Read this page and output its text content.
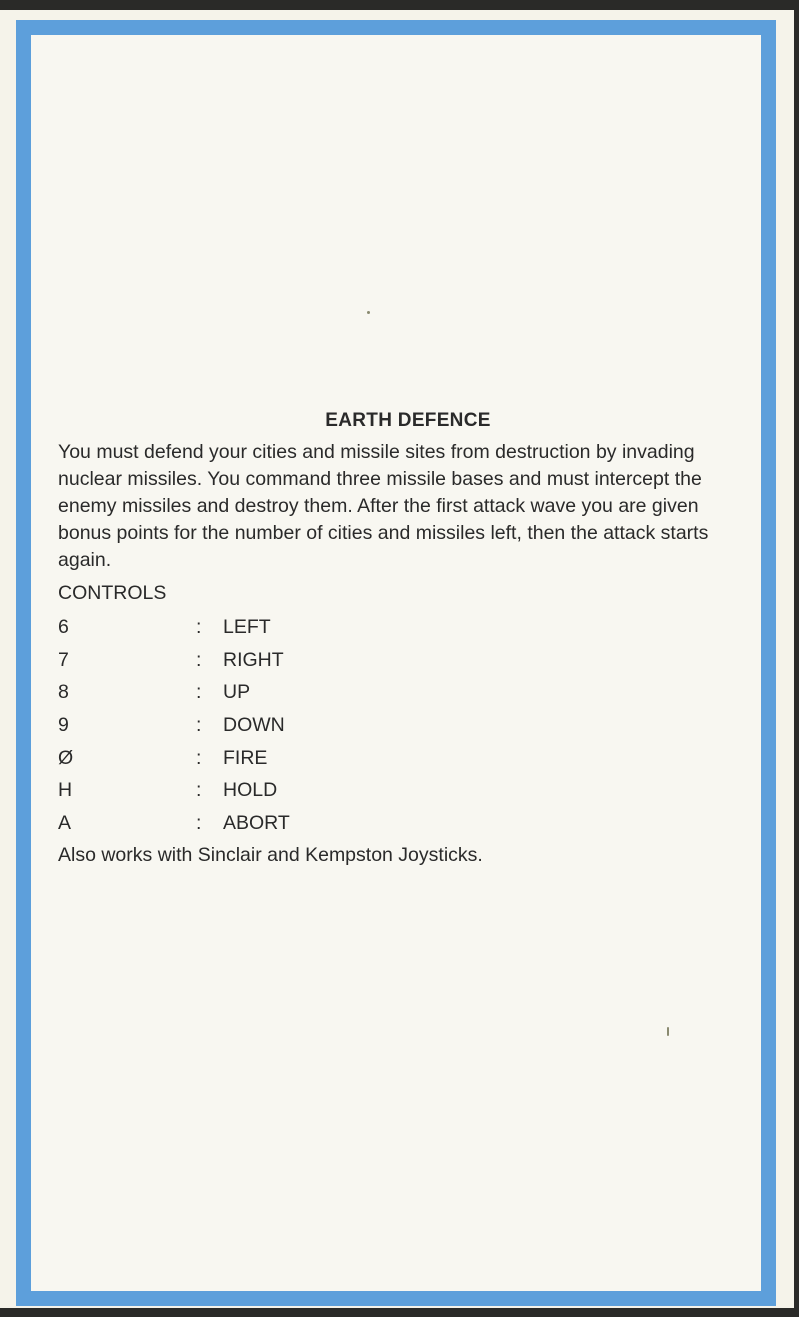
EARTH DEFENCE

You must defend your cities and missile sites from destruction by invading nuclear missiles. You command three missile bases and must intercept the enemy missiles and destroy them. After the first attack wave you are given bonus points for the number of cities and missiles left, then the attack starts again.

CONTROLS
6	: LEFT
7	: RIGHT
8	: UP
9	: DOWN
Ø	: FIRE
H	: HOLD
A	: ABORT

Also works with Sinclair and Kempston Joysticks.
